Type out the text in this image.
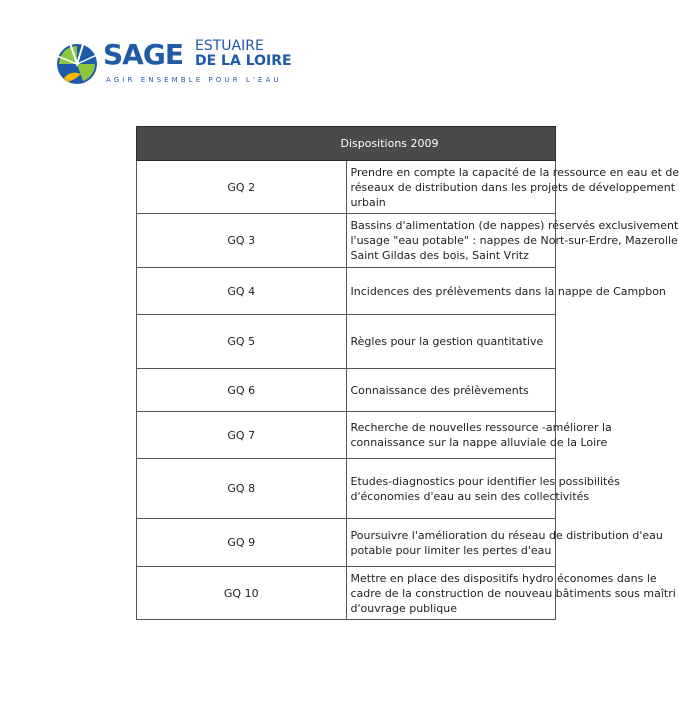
SAGE ESTUAIRE
DE LA LOIRE
AGIR ENSEMBLE POUR L'EAU
Dispositions 2009	
GQ 2	Prendre en compte la capacité de la ressource en eau et de
réseaux de distribution dans les projets de développement
urbain

GQ 3	Bassins d'alimentation (de nappes) réservés exclusivement
l'usage "eau potable" : nappes de Nort-sur-Erdre, Mazerolle
Saint Gildas des bois, Saint Vritz

GQ 4	Incidences des prélèvements dans la nappe de Campbon

GQ 5	Règles pour la gestion quantitative

GQ 6	Connaissance des prélèvements

GQ 7	Recherche de nouvelles ressource -améliorer la
connaissance sur la nappe alluviale de la Loire

GQ 8	Etudes-diagnostics pour identifier les possibilités
d'économies d'eau au sein des collectivités

GQ 9	Poursuivre l'amélioration du réseau de distribution d'eau
potable pour limiter les pertes d'eau

GQ 10	Mettre en place des dispositifs hydro économes dans le
cadre de la construction de nouveau bâtiments sous maîtri
d'ouvrage publique
